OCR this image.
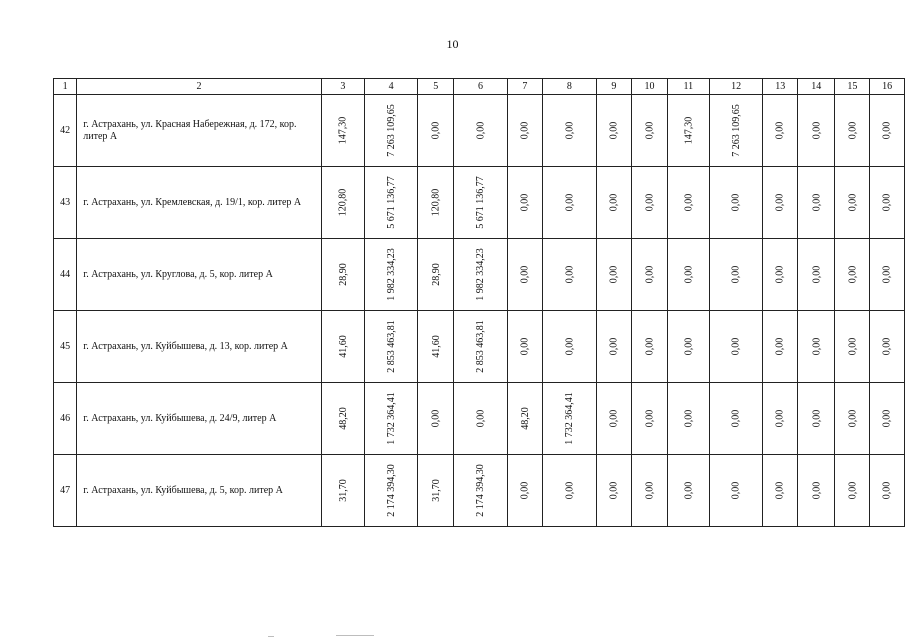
10
1	2	3	4	5	6	7	8	9	10	11	12	13	14	15	16
42	г. Астрахань, ул. Красная Набережная, д. 172, кор. литер А	147,30	7 263 109,65	0,00	0,00	0,00	0,00	0,00	0,00	147,30	7 263 109,65	0,00	0,00	0,00	0,00
43	г. Астрахань, ул. Кремлевская, д. 19/1, кор. литер А	120,80	5 671 136,77	120,80	5 671 136,77	0,00	0,00	0,00	0,00	0,00	0,00	0,00	0,00	0,00	0,00
44	г. Астрахань, ул. Круглова, д. 5, кор. литер А	28,90	1 982 334,23	28,90	1 982 334,23	0,00	0,00	0,00	0,00	0,00	0,00	0,00	0,00	0,00	0,00
45	г. Астрахань, ул. Куйбышева, д. 13, кор. литер А	41,60	2 853 463,81	41,60	2 853 463,81	0,00	0,00	0,00	0,00	0,00	0,00	0,00	0,00	0,00	0,00
46	г. Астрахань, ул. Куйбышева, д. 24/9, литер А	48,20	1 732 364,41	0,00	0,00	48,20	1 732 364,41	0,00	0,00	0,00	0,00	0,00	0,00	0,00	0,00
47	г. Астрахань, ул. Куйбышева, д. 5, кор. литер А	31,70	2 174 394,30	31,70	2 174 394,30	0,00	0,00	0,00	0,00	0,00	0,00	0,00	0,00	0,00	0,00
